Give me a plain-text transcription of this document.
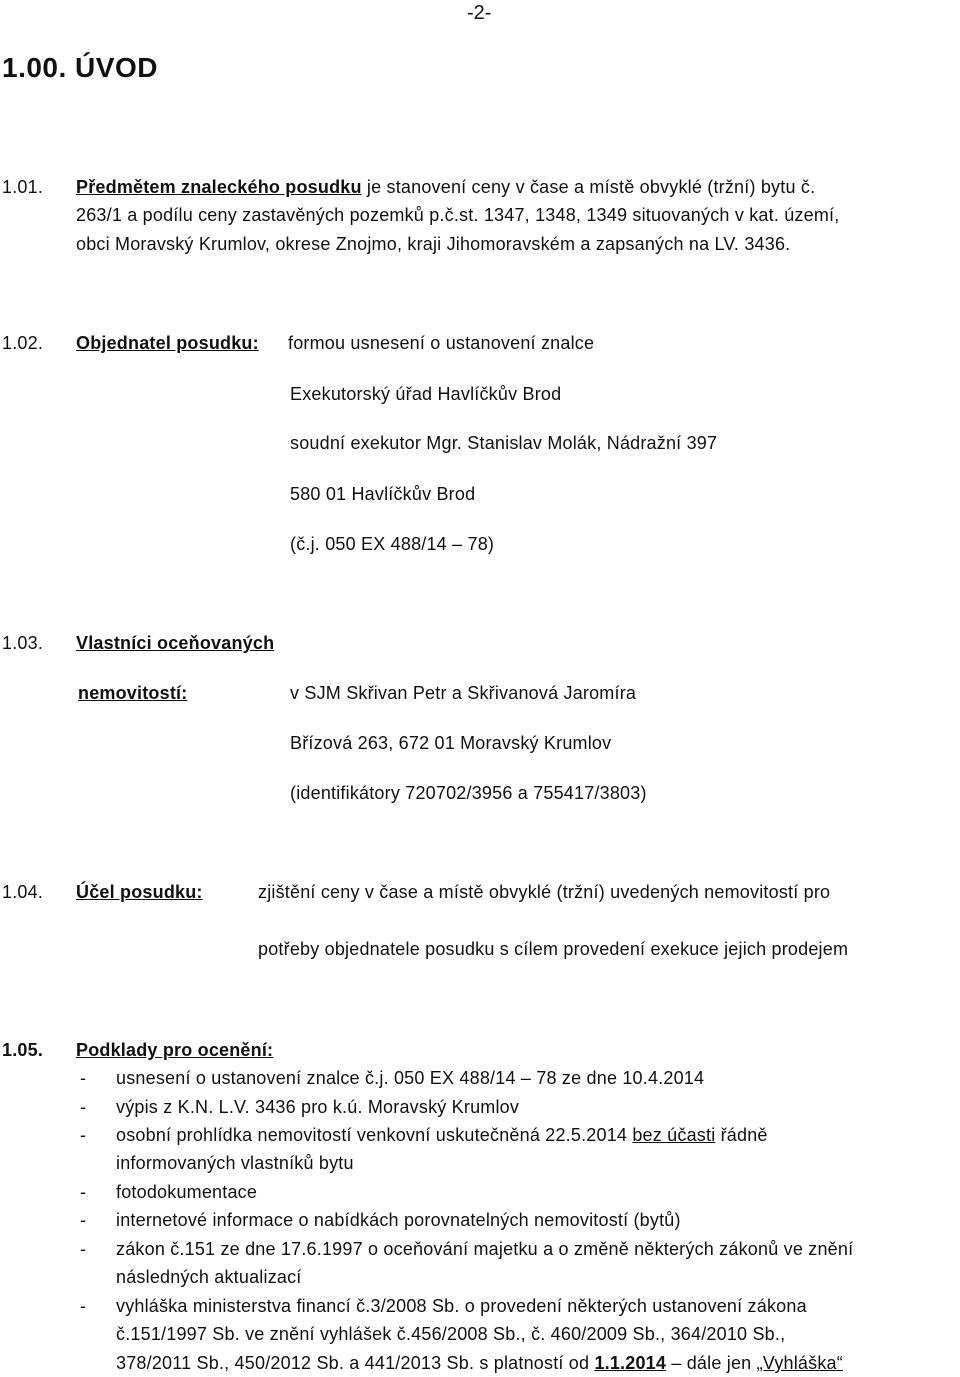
-2-
1.00. ÚVOD
1.01. Předmětem znaleckého posudku je stanovení ceny v čase a místě obvyklé (tržní) bytu č.
263/1 a podílu ceny zastavěných pozemků p.č.st. 1347, 1348, 1349 situovaných v kat. území,
obci Moravský Krumlov, okrese Znojmo, kraji Jihomoravském a zapsaných na LV. 3436.
1.02. Objednatel posudku: formou usnesení o ustanovení znalce
Exekutorský úřad Havlíčkův Brod
soudní exekutor Mgr. Stanislav Molák, Nádražní 397
580 01 Havlíčkův Brod
(č.j. 050 EX 488/14 – 78)
1.03. Vlastníci oceňovaných
nemovitostí:	v SJM Skřivan Petr a Skřivanová Jaromíra
Břízová 263, 672 01 Moravský Krumlov
(identifikátory 720702/3956 a 755417/3803)
1.04. Účel posudku:	zjištění ceny v čase a místě obvyklé (tržní) uvedených nemovitostí pro
potřeby objednatele posudku s cílem provedení exekuce jejich prodejem
1.05. Podklady pro ocenění:
- usnesení o ustanovení znalce č.j. 050 EX 488/14 – 78 ze dne 10.4.2014
- výpis z K.N. L.V. 3436 pro k.ú. Moravský Krumlov
- osobní prohlídka nemovitostí venkovní uskutečněná 22.5.2014 bez účasti řádně
informovaných vlastníků bytu
- fotodokumentace
- internetové informace o nabídkách porovnatelných nemovitostí (bytů)
- zákon č.151 ze dne 17.6.1997 o oceňování majetku a o změně některých zákonů ve znění
následných aktualizací
- vyhláška ministerstva financí č.3/2008 Sb. o provedení některých ustanovení zákona
č.151/1997 Sb. ve znění vyhlášek č.456/2008 Sb., č. 460/2009 Sb., 364/2010 Sb.,
378/2011 Sb., 450/2012 Sb. a 441/2013 Sb. s platností od 1.1.2014 – dále jen „Vyhláška“
